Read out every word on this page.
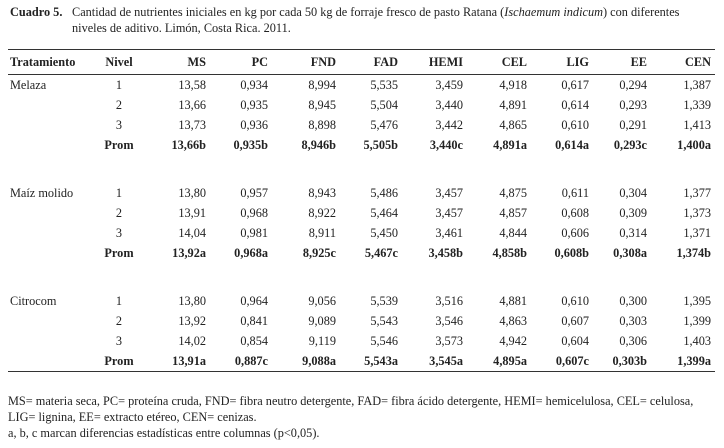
Cuadro 5. Cantidad de nutrientes iniciales en kg por cada 50 kg de forraje fresco de pasto Ratana (Ischaemum indicum) con diferentes niveles de aditivo. Limón, Costa Rica. 2011.
Tratamiento	Nivel	MS	PC	FND	FAD	HEMI	CEL	LIG	EE	CEN
Melaza	1	13,58	0,934	8,994	5,535	3,459	4,918	0,617	0,294	1,387
	2	13,66	0,935	8,945	5,504	3,440	4,891	0,614	0,293	1,339
	3	13,73	0,936	8,898	5,476	3,442	4,865	0,610	0,291	1,413
	Prom	13,66b	0,935b	8,946b	5,505b	3,440c	4,891a	0,614a	0,293c	1,400a

Maíz molido	1	13,80	0,957	8,943	5,486	3,457	4,875	0,611	0,304	1,377
	2	13,91	0,968	8,922	5,464	3,457	4,857	0,608	0,309	1,373
	3	14,04	0,981	8,911	5,450	3,461	4,844	0,606	0,314	1,371
	Prom	13,92a	0,968a	8,925c	5,467c	3,458b	4,858b	0,608b	0,308a	1,374b

Citrocom	1	13,80	0,964	9,056	5,539	3,516	4,881	0,610	0,300	1,395
	2	13,92	0,841	9,089	5,543	3,546	4,863	0,607	0,303	1,399
	3	14,02	0,854	9,119	5,546	3,573	4,942	0,604	0,306	1,403
	Prom	13,91a	0,887c	9,088a	5,543a	3,545a	4,895a	0,607c	0,303b	1,399a
MS= materia seca, PC= proteína cruda, FND= fibra neutro detergente, FAD= fibra ácido detergente, HEMI= hemicelulosa, CEL= celulosa, LIG= lignina, EE= extracto etéreo, CEN= cenizas.
a, b, c marcan diferencias estadísticas entre columnas (p<0,05).
